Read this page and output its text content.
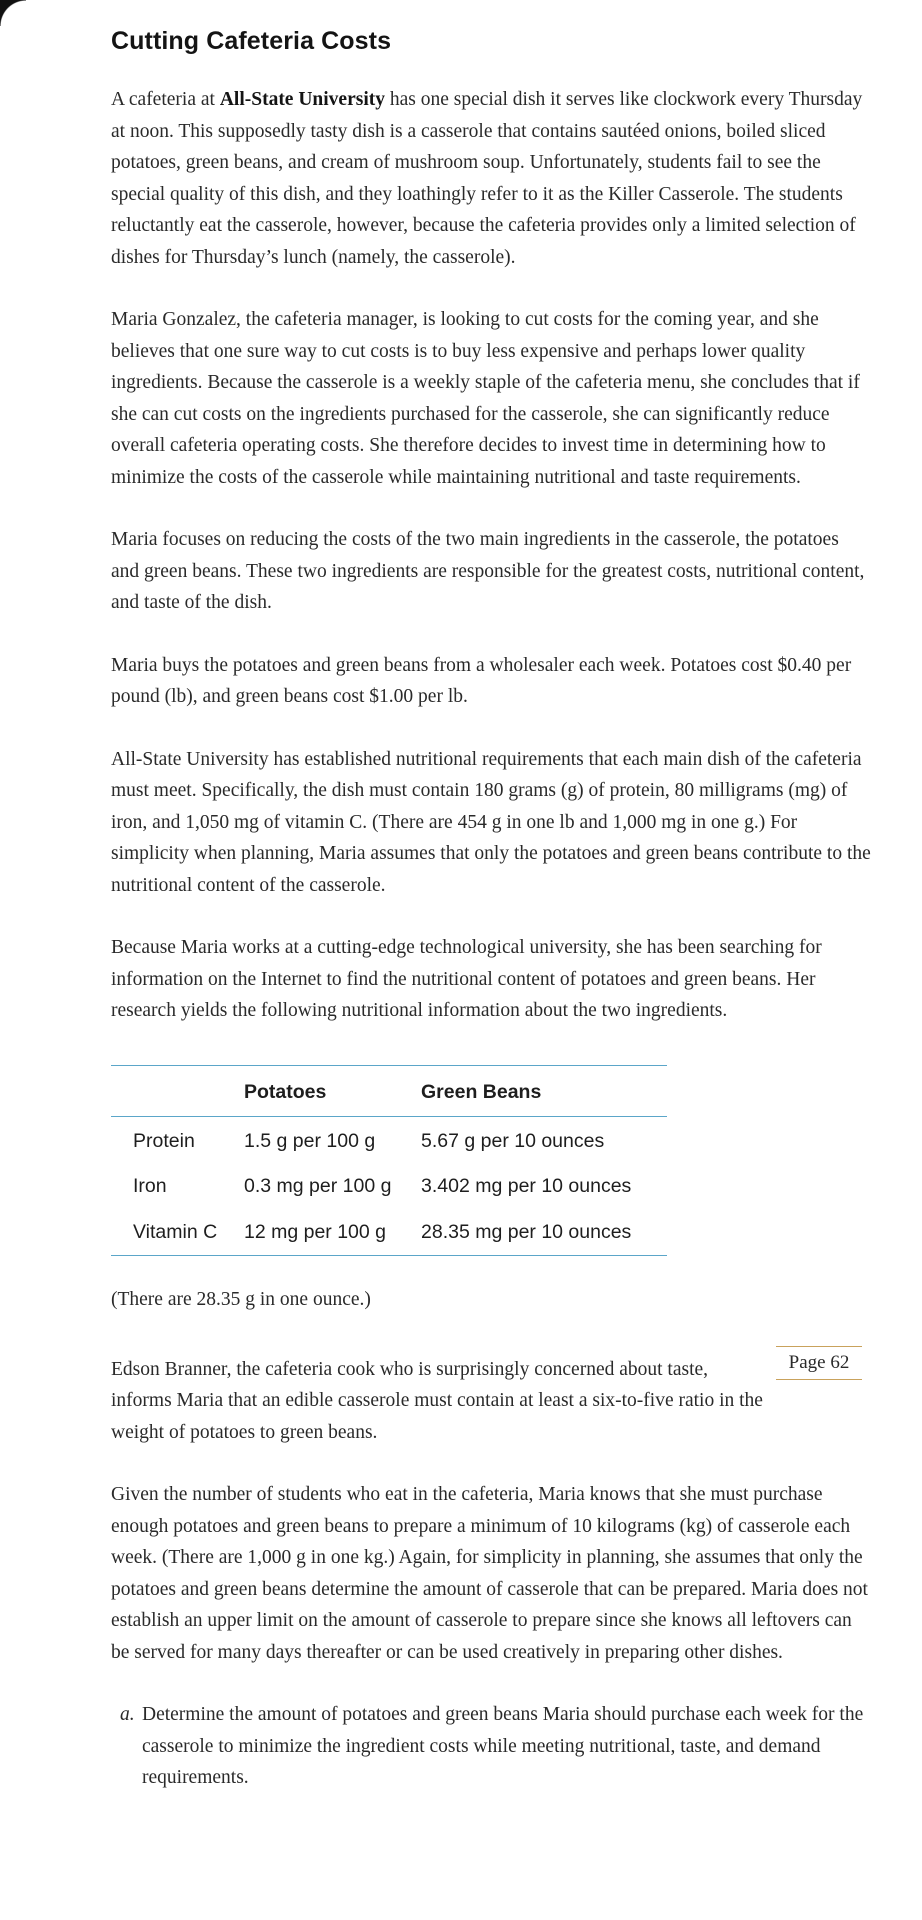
Cutting Cafeteria Costs

A cafeteria at All-State University has one special dish it serves like clockwork every Thursday at noon. This supposedly tasty dish is a casserole that contains sautéed onions, boiled sliced potatoes, green beans, and cream of mushroom soup. Unfortunately, students fail to see the special quality of this dish, and they loathingly refer to it as the Killer Casserole. The students reluctantly eat the casserole, however, because the cafeteria provides only a limited selection of dishes for Thursday’s lunch (namely, the casserole).

Maria Gonzalez, the cafeteria manager, is looking to cut costs for the coming year, and she believes that one sure way to cut costs is to buy less expensive and perhaps lower quality ingredients. Because the casserole is a weekly staple of the cafeteria menu, she concludes that if she can cut costs on the ingredients purchased for the casserole, she can significantly reduce overall cafeteria operating costs. She therefore decides to invest time in determining how to minimize the costs of the casserole while maintaining nutritional and taste requirements.

Maria focuses on reducing the costs of the two main ingredients in the casserole, the potatoes and green beans. These two ingredients are responsible for the greatest costs, nutritional content, and taste of the dish.

Maria buys the potatoes and green beans from a wholesaler each week. Potatoes cost $0.40 per pound (lb), and green beans cost $1.00 per lb.

All-State University has established nutritional requirements that each main dish of the cafeteria must meet. Specifically, the dish must contain 180 grams (g) of protein, 80 milligrams (mg) of iron, and 1,050 mg of vitamin C. (There are 454 g in one lb and 1,000 mg in one g.) For simplicity when planning, Maria assumes that only the potatoes and green beans contribute to the nutritional content of the casserole.

Because Maria works at a cutting-edge technological university, she has been searching for information on the Internet to find the nutritional content of potatoes and green beans. Her research yields the following nutritional information about the two ingredients.

	Potatoes	Green Beans
Protein	1.5 g per 100 g	5.67 g per 10 ounces
Iron	0.3 mg per 100 g	3.402 mg per 10 ounces
Vitamin C	12 mg per 100 g	28.35 mg per 10 ounces

(There are 28.35 g in one ounce.)

Edson Branner, the cafeteria cook who is surprisingly concerned about taste, informs Maria that an edible casserole must contain at least a six-to-five ratio in the weight of potatoes to green beans.

Page 62

Given the number of students who eat in the cafeteria, Maria knows that she must purchase enough potatoes and green beans to prepare a minimum of 10 kilograms (kg) of casserole each week. (There are 1,000 g in one kg.) Again, for simplicity in planning, she assumes that only the potatoes and green beans determine the amount of casserole that can be prepared. Maria does not establish an upper limit on the amount of casserole to prepare since she knows all leftovers can be served for many days thereafter or can be used creatively in preparing other dishes.

a. Determine the amount of potatoes and green beans Maria should purchase each week for the casserole to minimize the ingredient costs while meeting nutritional, taste, and demand requirements.
